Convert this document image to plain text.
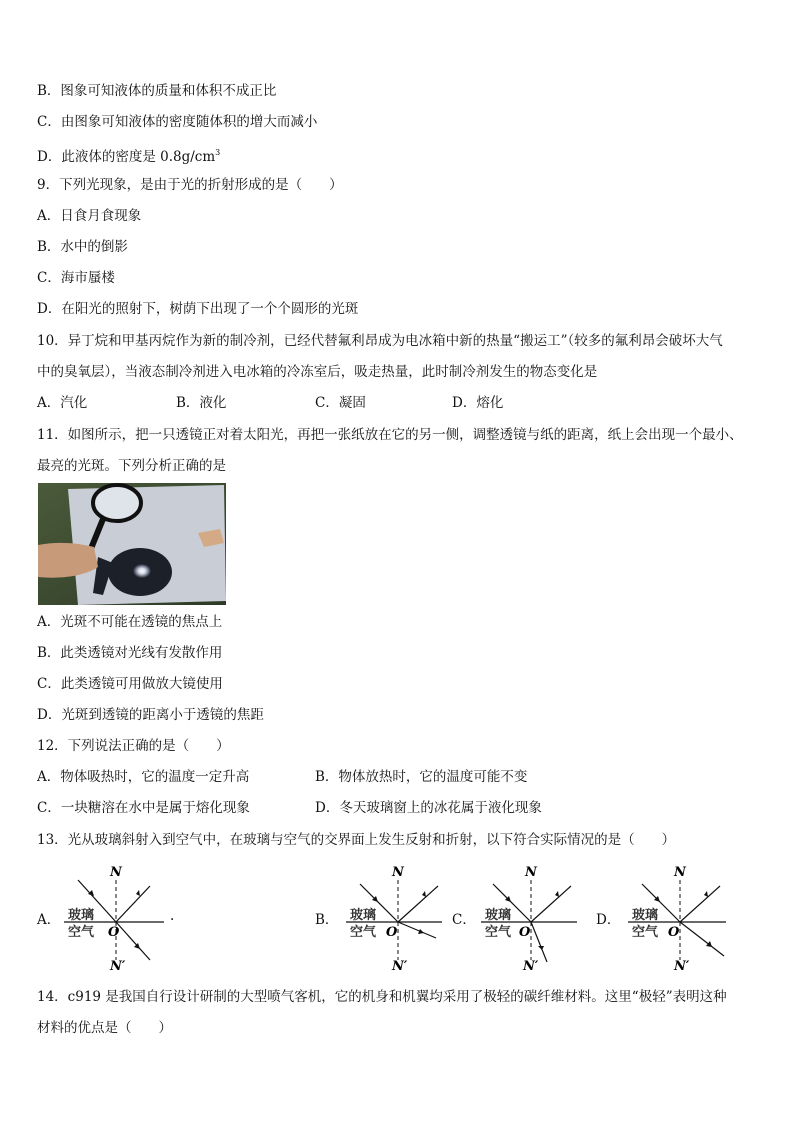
B．图象可知液体的质量和体积不成正比
C．由图象可知液体的密度随体积的增大而减小
D．此液体的密度是 $0.8g/cm^3$
9．下列光现象，是由于光的折射形成的是（　　）
A．日食月食现象
B．水中的倒影
C．海市蜃楼
D．在阳光的照射下，树荫下出现了一个个圆形的光斑
10．异丁烷和甲基丙烷作为新的制冷剂，已经代替氟利昂成为电冰箱中新的热量“搬运工”（较多的氟利昂会破坏大气
中的臭氧层），当液态制冷剂进入电冰箱的冷冻室后，吸走热量，此时制冷剂发生的物态变化是
A．汽化	B．液化	C．凝固	D．熔化
11．如图所示，把一只透镜正对着太阳光，再把一张纸放在它的另一侧，调整透镜与纸的距离，纸上会出现一个最小、
最亮的光斑。下列分析正确的是
A．光斑不可能在透镜的焦点上
B．此类透镜对光线有发散作用
C．此类透镜可用做放大镜使用
D．光斑到透镜的距离小于透镜的焦距
12．下列说法正确的是（　　）
A．物体吸热时，它的温度一定升高	B．物体放热时，它的温度可能不变
C．一块糖溶在水中是属于熔化现象	D．冬天玻璃窗上的冰花属于液化现象
13．光从玻璃斜射入到空气中，在玻璃与空气的交界面上发生反射和折射，以下符合实际情况的是（　　）
A．	.	B．	C．	D．
N
N′
玻璃
空气 O
N
N′
玻璃
空气 O
N
N′
玻璃
空气 O
N
N′
玻璃
空气 O
14．c919 是我国自行设计研制的大型喷气客机，它的机身和机翼均采用了极轻的碳纤维材料。这里“极轻”表明这种
材料的优点是（　　）
